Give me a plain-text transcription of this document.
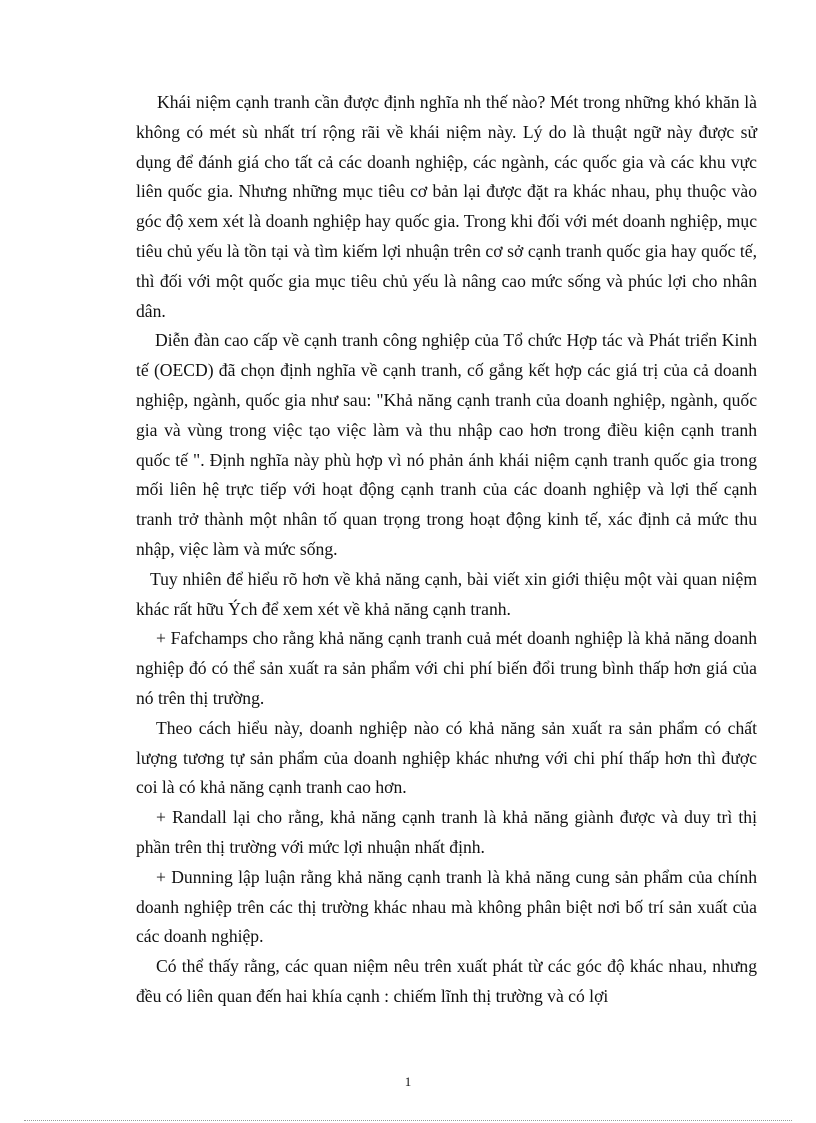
Khái niệm cạnh tranh cần được định nghĩa nh thế nào? Mét trong những khó khăn là không có mét sù nhất trí rộng rãi về khái niệm này. Lý do là thuật ngữ này được sử dụng để đánh giá cho tất cả các doanh nghiệp, các ngành, các quốc gia và các khu vực liên quốc gia. Nhưng những mục tiêu cơ bản lại được đặt ra khác nhau, phụ thuộc vào góc độ xem xét là doanh nghiệp hay quốc gia. Trong khi đối với mét doanh nghiệp, mục tiêu chủ yếu là tồn tại và tìm kiếm lợi nhuận trên cơ sở cạnh tranh quốc gia hay quốc tế, thì đối với một quốc gia mục tiêu chủ yếu là nâng cao mức sống và phúc lợi cho nhân dân.

Diễn đàn cao cấp về cạnh tranh công nghiệp của Tổ chức Hợp tác và Phát triển Kinh tế (OECD) đã chọn định nghĩa về cạnh tranh, cố gắng kết hợp các giá trị của cả doanh nghiệp, ngành, quốc gia như sau: "Khả năng cạnh tranh của doanh nghiệp, ngành, quốc gia và vùng trong việc tạo việc làm và thu nhập cao hơn trong điều kiện cạnh tranh quốc tế ". Định nghĩa này phù hợp vì nó phản ánh khái niệm cạnh tranh quốc gia trong mối liên hệ trực tiếp với hoạt động cạnh tranh của các doanh nghiệp và lợi thế cạnh tranh trở thành một nhân tố quan trọng trong hoạt động kinh tế, xác định cả mức thu nhập, việc làm và mức sống.

Tuy nhiên để hiểu rõ hơn về khả năng cạnh, bài viết xin giới thiệu một vài quan niệm khác rất hữu Ých để xem xét về khả năng cạnh tranh.

+ Fafchamps cho rằng khả năng cạnh tranh cuả mét doanh nghiệp là khả năng doanh nghiệp đó có thể sản xuất ra sản phẩm với chi phí biến đổi trung bình thấp hơn giá của nó trên thị trường.

Theo cách hiểu này, doanh nghiệp nào có khả năng sản xuất ra sản phẩm có chất lượng tương tự sản phẩm của doanh nghiệp khác nhưng với chi phí thấp hơn thì được coi là có khả năng cạnh tranh cao hơn.

+ Randall lại cho rằng, khả năng cạnh tranh là khả năng giành được và duy trì thị phần trên thị trường với mức lợi nhuận nhất định.

+ Dunning lập luận rằng khả năng cạnh tranh là khả năng cung sản phẩm của chính doanh nghiệp trên các thị trường khác nhau mà không phân biệt nơi bố trí sản xuất của các doanh nghiệp.

Có thể thấy rằng, các quan niệm nêu trên xuất phát từ các góc độ khác nhau, nhưng đều có liên quan đến hai khía cạnh : chiếm lĩnh thị trường và có lợi

1
